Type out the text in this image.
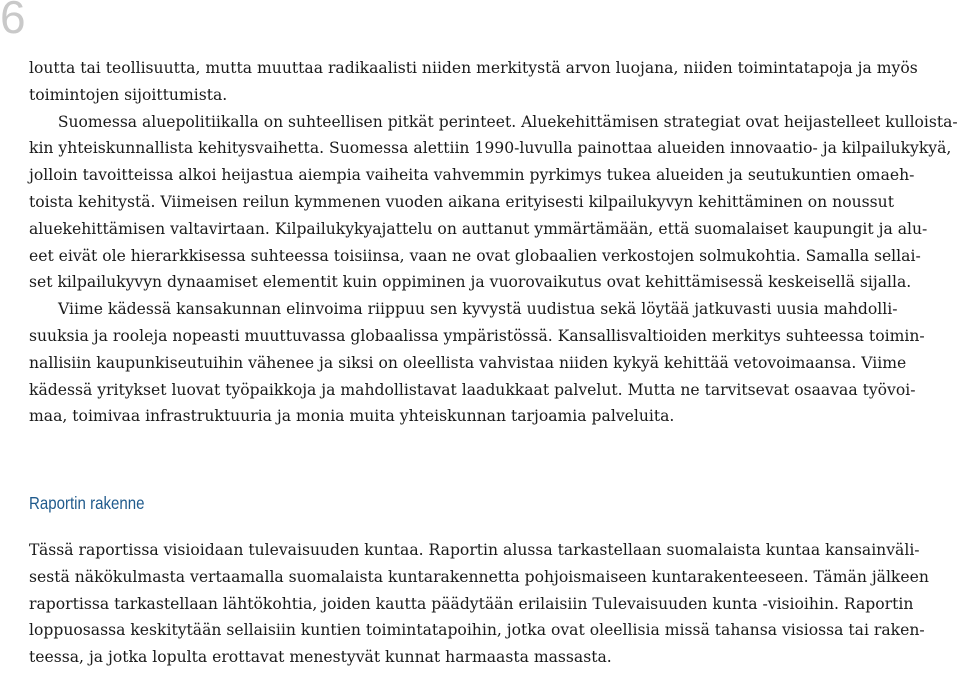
6

loutta tai teollisuutta, mutta muuttaa radikaalisti niiden merkitystä arvon luojana, niiden toimintatapoja ja myös

toimintojen sijoittumista.

Suomessa aluepolitiikalla on suhteellisen pitkät perinteet. Aluekehittämisen strategiat ovat heijastelleet kulloista-

kin yhteiskunnallista kehitysvaihetta. Suomessa alettiin 1990-luvulla painottaa alueiden innovaatio- ja kilpailukykyä,

jolloin tavoitteissa alkoi heijastua aiempia vaiheita vahvemmin pyrkimys tukea alueiden ja seutukuntien omaeh-

toista kehitystä. Viimeisen reilun kymmenen vuoden aikana erityisesti kilpailukyvyn kehittäminen on noussut

aluekehittämisen valtavirtaan. Kilpailukykyajattelu on auttanut ymmärtämään, että suomalaiset kaupungit ja alu-

eet eivät ole hierarkkisessa suhteessa toisiinsa, vaan ne ovat globaalien verkostojen solmukohtia. Samalla sellai-

set kilpailukyvyn dynaamiset elementit kuin oppiminen ja vuorovaikutus ovat kehittämisessä keskeisellä sijalla.

Viime kädessä kansakunnan elinvoima riippuu sen kyvystä uudistua sekä löytää jatkuvasti uusia mahdolli-

suuksia ja rooleja nopeasti muuttuvassa globaalissa ympäristössä. Kansallisvaltioiden merkitys suhteessa toimin-

nallisiin kaupunkiseutuihin vähenee ja siksi on oleellista vahvistaa niiden kykyä kehittää vetovoimaansa. Viime

kädessä yritykset luovat työpaikkoja ja mahdollistavat laadukkaat palvelut. Mutta ne tarvitsevat osaavaa työvoi-

maa, toimivaa infrastruktuuria ja monia muita yhteiskunnan tarjoamia palveluita.

Raportin rakenne

Tässä raportissa visioidaan tulevaisuuden kuntaa. Raportin alussa tarkastellaan suomalaista kuntaa kansainväli-

sestä näkökulmasta vertaamalla suomalaista kuntarakennetta pohjoismaiseen kuntarakenteeseen. Tämän jälkeen

raportissa tarkastellaan lähtökohtia, joiden kautta päädytään erilaisiin Tulevaisuuden kunta -visioihin. Raportin

loppuosassa keskitytään sellaisiin kuntien toimintatapoihin, jotka ovat oleellisia missä tahansa visiossa tai raken-

teessa, ja jotka lopulta erottavat menestyvät kunnat harmaasta massasta.
